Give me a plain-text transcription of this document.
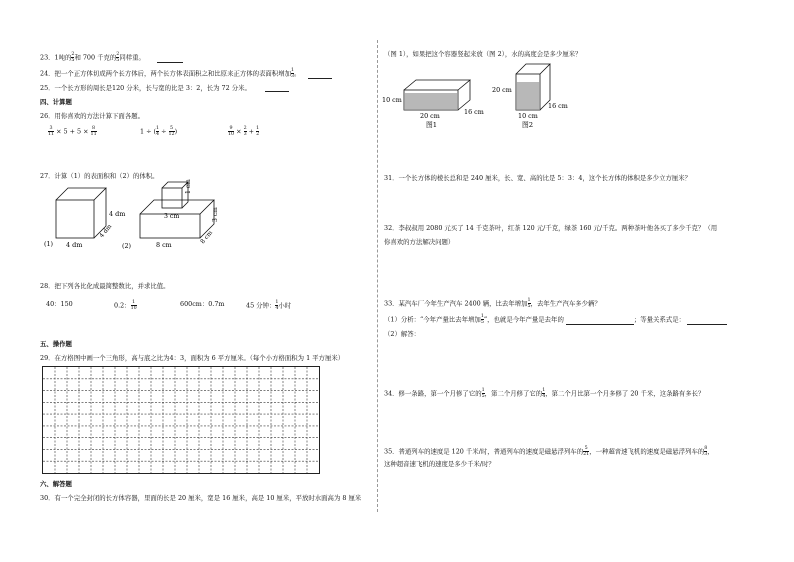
23．1吨的 $\frac{2}{5}$ 和 700 千克的 $\frac{2}{5}$ 同样重。
24．把一个正方体切成两个长方体后，两个长方体表面积之和比原来正方体的表面积增加 $\frac{1}{3}$ 。
25．一个长方形的周长是120 分米，长与宽的比是 3：2，长为 72 分米。
四、计算题
26．用你喜欢的方法计算下面各题。
$\frac{3}{11} \times 5 + 5 \times \frac{8}{11}$	1 ÷ ( $\frac{1}{4} \div \frac{5}{12}$ )	$\frac{9}{10} \times \frac{2}{3} + \frac{1}{2}$
27．计算（1）的表面积和（2）的体积。
(1) 4 dm
4 dm
4 dm
(2)
1 cm
3 cm
8 cm
3 cm
8 cm
28．把下列各比化成最简整数比，并求比值。
40：150	0.2： $\frac{1}{10}$	600cm：0.7m	45 分钟： $\frac{1}{4}$ 小时
五、操作题
29．在方格图中画一个三角形，高与底之比为4：3，面积为 6 平方厘米。（每个小方格面积为 1 平方厘米）
六、解答题
30．有一个完全封闭的长方体容器，里面的长是 20 厘米，宽是 16 厘米，高是 10 厘米，平放时水面高为 8 厘米
（图 1），如果把这个容器竖起来放（图 2），水的高度会是多少厘米？
10 cm
20 cm	16 cm
图1
20 cm
10 cm
16 cm
图2
31．一个长方体的棱长总和是 240 厘米，长、宽、高的比是 5：3：4，这个长方体的体积是多少立方厘米？
32．李叔叔用 2080 元买了 14 千克茶叶，红茶 120 元/千克，绿茶 160 元/千克。两种茶叶他各买了多少千克？（用
你喜欢的方法解决问题）
33．某汽车厂今年生产汽车 2400 辆，比去年增加 $\frac{1}{5}$ ，去年生产汽车多少辆？
（1）分析：“今年产量比去年增加 $\frac{1}{5}$ ”，也就是今年产量是去年的	；等量关系式是：
（2）解答：
34．修一条路，第一个月修了它的 $\frac{1}{5}$ ，第二个月修了它的 $\frac{1}{4}$ ，第二个月比第一个月多修了 20 千米，这条路有多长？
35．普通列车的速度是 120 千米/时，普通列车的速度是磁悬浮列车的 $\frac{5}{21}$ ，一种超音速飞机的速度是磁悬浮列车的 $\frac{8}{3}$ ，
这种超音速飞机的速度是多少千米/时？
